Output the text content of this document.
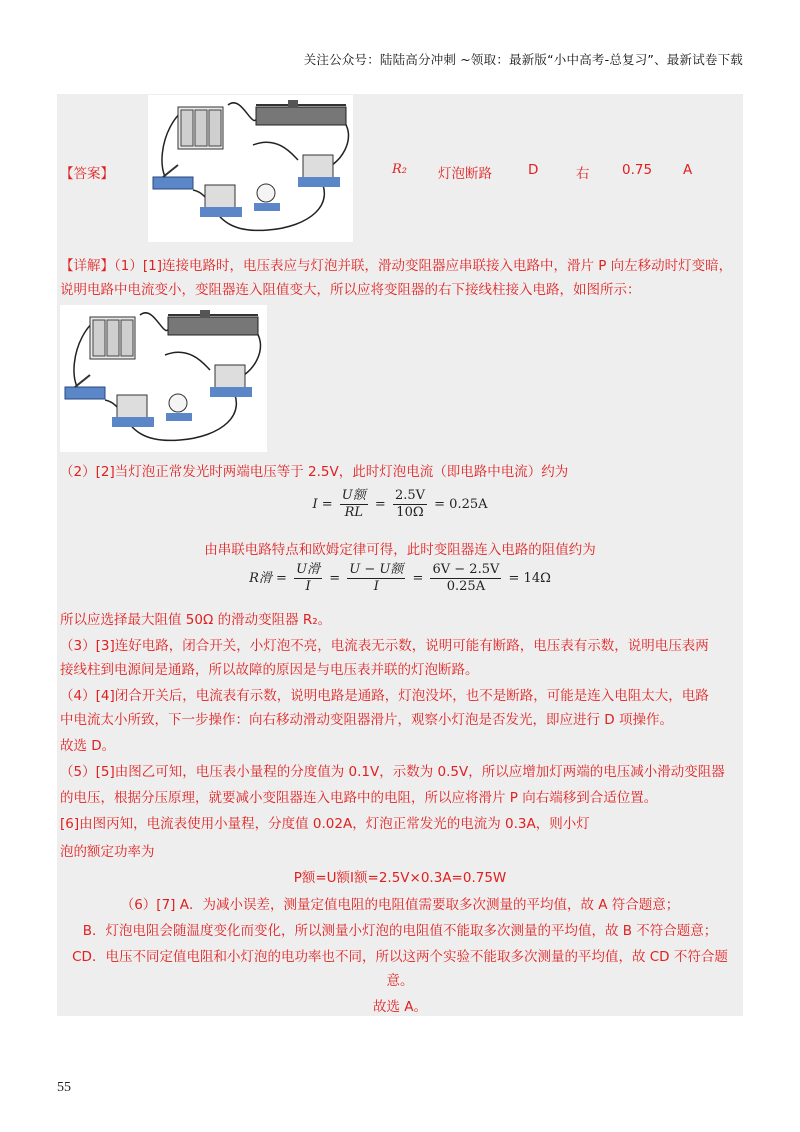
关注公众号：陆陆高分冲刺 ~领取：最新版“小中高考-总复习”、最新试卷下载
【答案】	R₂ 灯泡断路	D	右 0.75 A
【详解】（1）[1]连接电路时，电压表应与灯泡并联，滑动变阻器应串联接入电路中，滑片 P 向左移动时灯变暗，
说明电路中电流变小，变阻器连入阻值变大，所以应将变阻器的右下接线柱接入电路，如图所示：
（2）[2]当灯泡正常发光时两端电压等于 2.5V，此时灯泡电流（即电路中电流）约为
$I = \frac{\text{U额}}{RL} = \frac{2.5V}{10\Omega} = 0.25A$
由串联电路特点和欧姆定律可得，此时变阻器连入电路的阻值约为
R滑 = $\frac{\text{U滑}}{I} = \frac{\text{U − U额}}{I} = \frac{6V - 2.5V}{0.25A} = 14\Omega$
所以应选择最大阻值 50Ω 的滑动变阻器 R₂。
（3）[3]连好电路，闭合开关，小灯泡不亮，电流表无示数，说明可能有断路，电压表有示数，说明电压表两
接线柱到电源间是通路，所以故障的原因是与电压表并联的灯泡断路。
（4）[4]闭合开关后，电流表有示数，说明电路是通路，灯泡没坏，也不是断路，可能是连入电阻太大，电路
中电流太小所致，下一步操作：向右移动滑动变阻器滑片，观察小灯泡是否发光，即应进行 D 项操作。
故选 D。
（5）[5]由图乙可知，电压表小量程的分度值为 0.1V，示数为 0.5V，所以应增加灯两端的电压减小滑动变阻器
的电压，根据分压原理，就要减小变阻器连入电路中的电阻，所以应将滑片 P 向右端移到合适位置。
[6]由图丙知，电流表使用小量程，分度值 0.02A，灯泡正常发光的电流为 0.3A，则小灯
泡的额定功率为
P额=U额I额=2.5V×0.3A=0.75W
（6）[7] A．为减小误差，测量定值电阻的电阻值需要取多次测量的平均值，故 A 符合题意；
B．灯泡电阻会随温度变化而变化，所以测量小灯泡的电阻值不能取多次测量的平均值，故 B 不符合题意；
CD．电压不同定值电阻和小灯泡的电功率也不同，所以这两个实验不能取多次测量的平均值，故 CD 不符合题
意。
故选 A。
55
